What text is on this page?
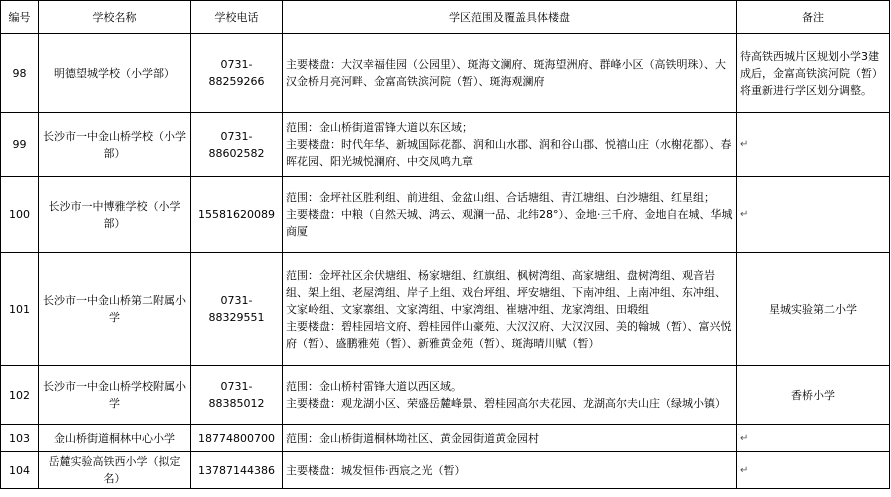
编号	学校名称	学校电话	学区范围及覆盖具体楼盘	备注
98	明德望城学校（小学部）	0731-88259266	主要楼盘：大汉幸福佳园（公园里）、斑海文澜府、斑海望洲府、群峰小区（高铁明珠）、大汉金桥月亮河畔、金富高铁滨河院（暂）、斑海观澜府	待高铁西城片区规划小学3建成后，金富高铁滨河院（暂）将重新进行学区划分调整。
99	长沙市一中金山桥学校（小学部）	0731-88602582	范围：金山桥街道雷锋大道以东区域；
主要楼盘：时代年华、新城国际花都、润和山水郡、润和谷山郡、悦禧山庄（水榭花都）、春晖花园、阳光城悦澜府、中交凤鸣九章	↵
100	长沙市一中博雅学校（小学部）	15581620089	范围：金坪社区胜利组、前进组、金盆山组、合话塘组、青江塘组、白沙塘组、红星组；
主要楼盘：中粮（自然天城、鸿云、观澜一品、北纬28°）、金地·三千府、金地自在城、华城商厦	↵
101	长沙市一中金山桥第二附属小学	0731-88329551	范围：金坪社区余伏塘组、杨家塘组、红旗组、枫树湾组、高家塘组、盘树湾组、观音岩组、架上组、老屋湾组、岸子上组、戏台坪组、坪安塘组、下南冲组、上南冲组、东冲组、文家岭组、文家寨组、文家湾组、中家湾组、崔塘冲组、龙家湾组、田塅组
主要楼盘：碧桂园培文府、碧桂园伴山豪苑、大汉汉府、大汉汉园、美的翰城（暂）、富兴悦府（暂）、盛鹏雅苑（暂）、新雅黄金苑（暂）、斑海晴川赋（暂）	星城实验第二小学
102	长沙市一中金山桥学校附属小学	0731-88385012	范围：金山桥村雷锋大道以西区域。
主要楼盘：观龙湖小区、荣盛岳麓峰景、碧桂园高尔夫花园、龙湖高尔夫山庄（绿城小镇）	香桥小学
103	金山桥街道桐林中心小学	18774800700	范围：金山桥街道桐林坳社区、黄金园街道黄金园村	↵
104	岳麓实验高铁西小学（拟定名）	13787144386	主要楼盘：城发恒伟·西宸之光（暂）	↵
